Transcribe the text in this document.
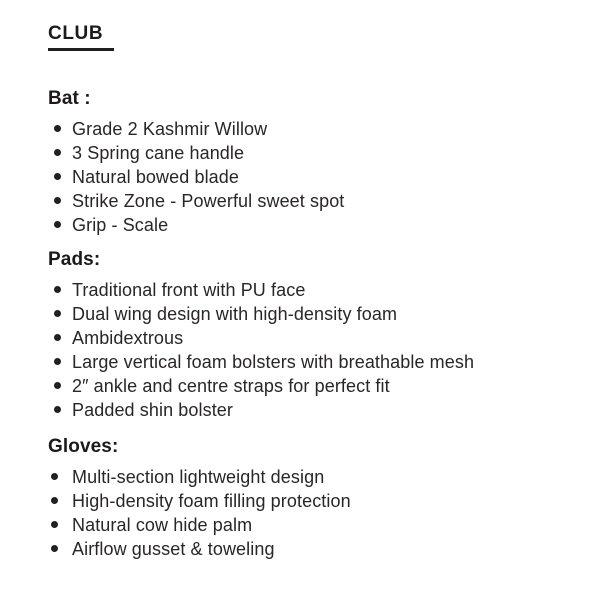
CLUB
Bat :
Grade 2 Kashmir Willow
3 Spring cane handle
Natural bowed blade
Strike Zone - Powerful sweet spot
Grip - Scale
Pads:
Traditional front with PU face
Dual wing design with high-density foam
Ambidextrous
Large vertical foam bolsters with breathable mesh
2″ ankle and centre straps for perfect fit
Padded shin bolster
Gloves:
Multi-section lightweight design
High-density foam filling protection
Natural cow hide palm
Airflow gusset & toweling
